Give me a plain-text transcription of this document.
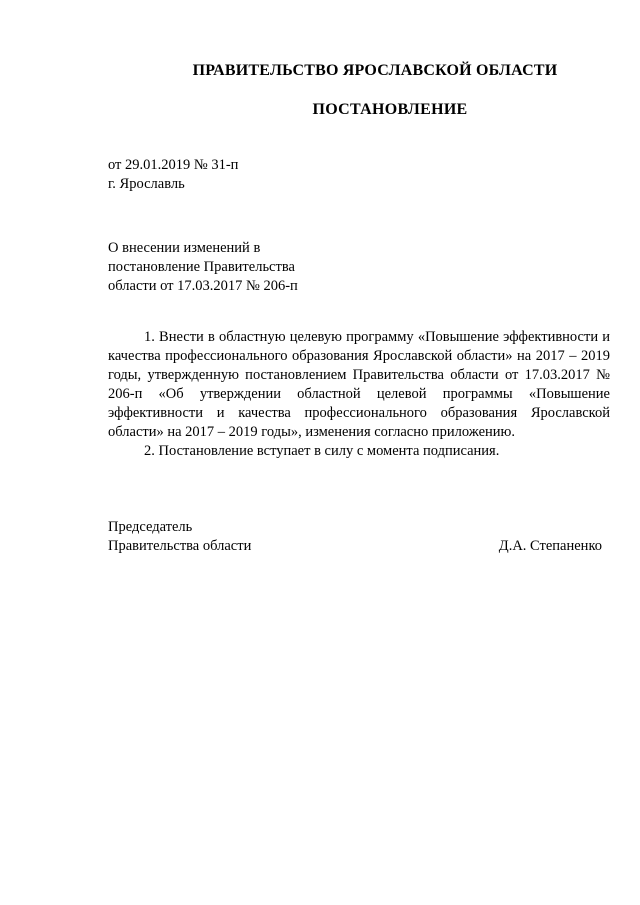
ПРАВИТЕЛЬСТВО ЯРОСЛАВСКОЙ ОБЛАСТИ
ПОСТАНОВЛЕНИЕ
от 29.01.2019 № 31-п
г. Ярославль
О внесении изменений в
постановление Правительства
области от 17.03.2017 № 206-п

1. Внести в областную целевую программу «Повышение эффективности и качества профессионального образования Ярославской области» на 2017 – 2019 годы, утвержденную постановлением Правительства области от 17.03.2017 № 206-п «Об утверждении областной целевой программы «Повышение эффективности и качества профессионального образования Ярославской области» на 2017 – 2019 годы», изменения согласно приложению.

2. Постановление вступает в силу с момента подписания.

Председатель
Правительства области	Д.А. Степаненко
